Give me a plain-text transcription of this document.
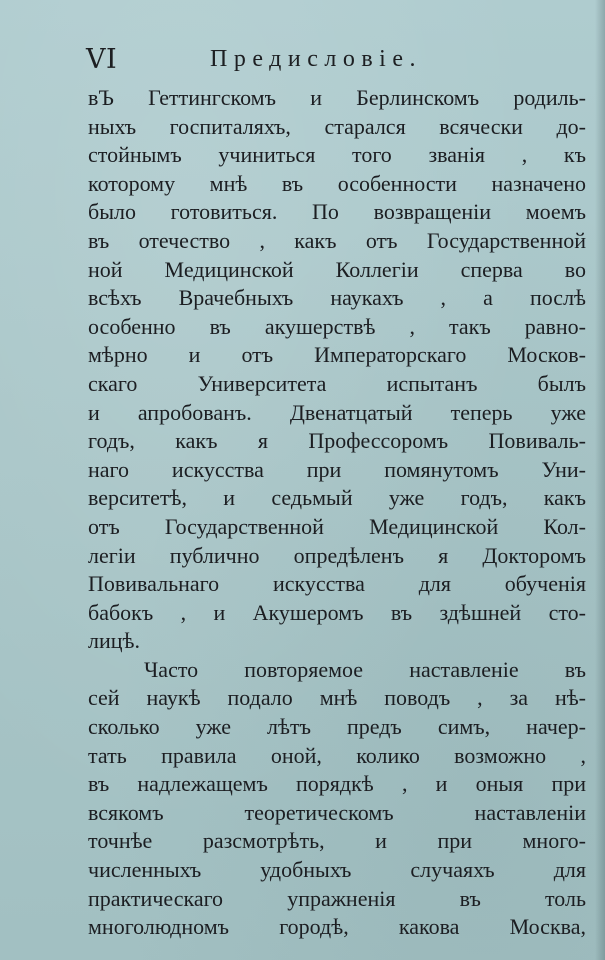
VI	Предисловіе.
вЪ Геттингскомъ и Берлинскомъ родиль-
ныхъ госпиталяхъ, старался всячески до-
стойнымъ учиниться того званія , къ
которому мнѣ въ особенности назначено
было готовиться. По возвращеніи моемъ
въ отечество , какъ отъ Государственной
ной Медицинской Коллегіи сперва во
всѣхъ Врачебныхъ наукахъ , а послѣ
особенно въ акушерствѣ , такъ равно-
мѣрно и отъ Императорскаго Москов-
скаго Университета испытанъ былъ
и апробованъ. Двенатцатый теперь уже
годъ, какъ я Профессоромъ Повиваль-
наго искусства при помянутомъ Уни-
верситетѣ, и седьмый уже годъ, какъ
отъ Государственной Медицинской Кол-
легіи публично опредѣленъ я Докторомъ
Повивальнаго искусства для обученія
бабокъ , и Акушеромъ въ здѣшней сто-
лицѣ.
Часто повторяемое наставленіе въ
сей наукѣ подало мнѣ поводъ , за нѣ-
сколько уже лѣтъ предъ симъ, начер-
тать правила оной, колико возможно ,
въ надлежащемъ порядкѣ , и оныя при
всякомъ теоретическомъ наставленіи
точнѣе разсмотрѣть, и при много-
численныхъ удобныхъ случаяхъ для
практическаго упражненія въ толь
многолюдномъ городѣ, какова Москва,
